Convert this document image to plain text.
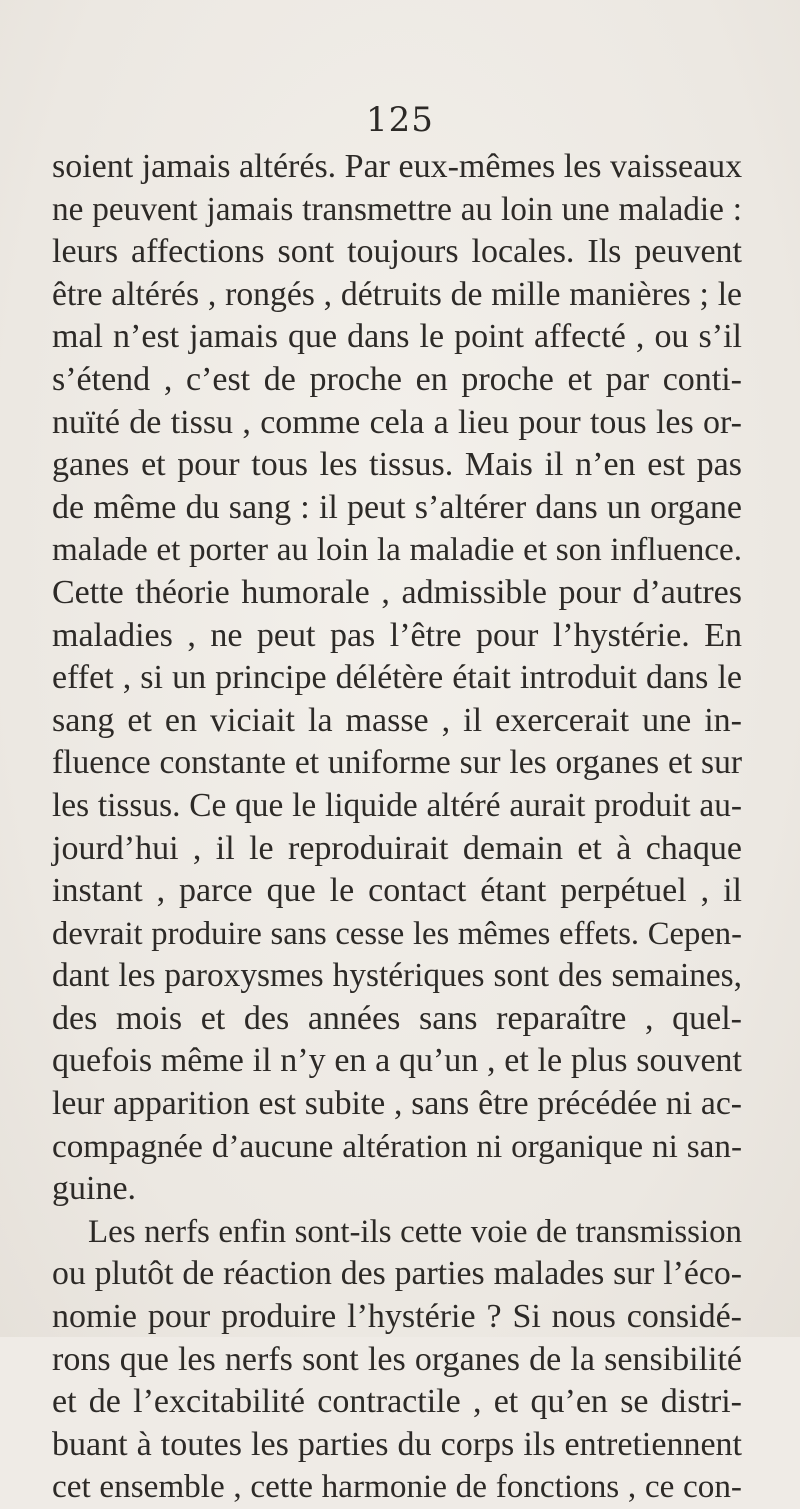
125
soient jamais altérés. Par eux-mêmes les vaisseaux
ne peuvent jamais transmettre au loin une maladie :
leurs affections sont toujours locales. Ils peuvent
être altérés , rongés , détruits de mille manières ; le
mal n’est jamais que dans le point affecté , ou s’il
s’étend , c’est de proche en proche et par conti-
nuïté de tissu , comme cela a lieu pour tous les or-
ganes et pour tous les tissus. Mais il n’en est pas
de même du sang : il peut s’altérer dans un organe
malade et porter au loin la maladie et son influence.
Cette théorie humorale , admissible pour d’autres
maladies , ne peut pas l’être pour l’hystérie. En
effet , si un principe délétère était introduit dans le
sang et en viciait la masse , il exercerait une in-
fluence constante et uniforme sur les organes et sur
les tissus. Ce que le liquide altéré aurait produit au-
jourd’hui , il le reproduirait demain et à chaque
instant , parce que le contact étant perpétuel , il
devrait produire sans cesse les mêmes effets. Cepen-
dant les paroxysmes hystériques sont des semaines,
des mois et des années sans reparaître , quel-
quefois même il n’y en a qu’un , et le plus souvent
leur apparition est subite , sans être précédée ni ac-
compagnée d’aucune altération ni organique ni san-
guine.
Les nerfs enfin sont-ils cette voie de transmission
ou plutôt de réaction des parties malades sur l’éco-
nomie pour produire l’hystérie ? Si nous considé-
rons que les nerfs sont les organes de la sensibilité
et de l’excitabilité contractile , et qu’en se distri-
buant à toutes les parties du corps ils entretiennent
cet ensemble , cette harmonie de fonctions , ce con-
